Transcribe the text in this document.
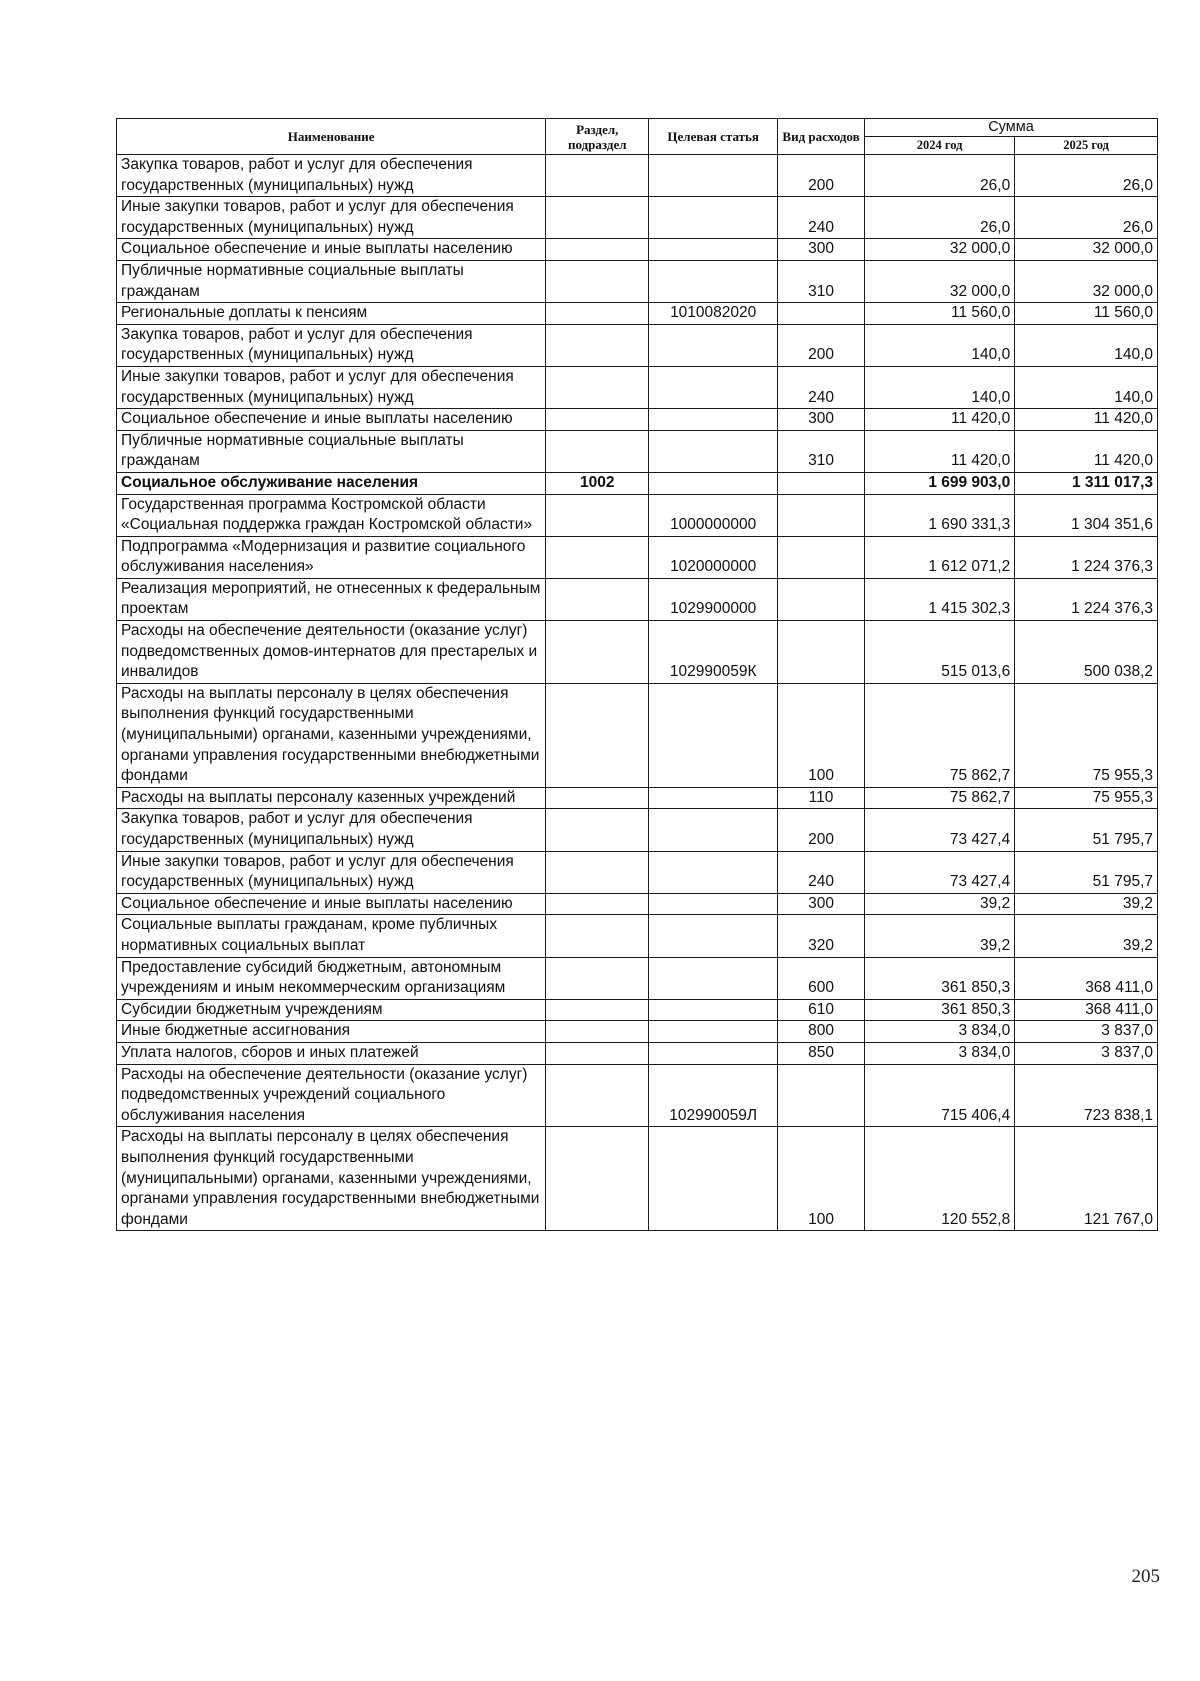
Наименование	Раздел, подраздел	Целевая статья	Вид расходов	Сумма	
				2024 год	2025 год
Закупка товаров, работ и услуг для обеспечения государственных (муниципальных) нужд			200	26,0	26,0
Иные закупки товаров, работ и услуг для обеспечения государственных (муниципальных) нужд			240	26,0	26,0
Социальное обеспечение и иные выплаты населению			300	32 000,0	32 000,0
Публичные нормативные социальные выплаты гражданам			310	32 000,0	32 000,0
Региональные доплаты к пенсиям		1010082020		11 560,0	11 560,0
Закупка товаров, работ и услуг для обеспечения государственных (муниципальных) нужд			200	140,0	140,0
Иные закупки товаров, работ и услуг для обеспечения государственных (муниципальных) нужд			240	140,0	140,0
Социальное обеспечение и иные выплаты населению			300	11 420,0	11 420,0
Публичные нормативные социальные выплаты гражданам			310	11 420,0	11 420,0
Социальное обслуживание населения	1002			1 699 903,0	1 311 017,3
Государственная программа Костромской области «Социальная поддержка граждан Костромской области»		1000000000		1 690 331,3	1 304 351,6
Подпрограмма «Модернизация и развитие социального обслуживания населения»		1020000000		1 612 071,2	1 224 376,3
Реализация мероприятий, не отнесенных к федеральным проектам		1029900000		1 415 302,3	1 224 376,3
Расходы на обеспечение деятельности (оказание услуг) подведомственных домов-интернатов для престарелых и инвалидов		102990059К		515 013,6	500 038,2
Расходы на выплаты персоналу в целях обеспечения выполнения функций государственными (муниципальными) органами, казенными учреждениями, органами управления государственными внебюджетными фондами			100	75 862,7	75 955,3
Расходы на выплаты персоналу казенных учреждений			110	75 862,7	75 955,3
Закупка товаров, работ и услуг для обеспечения государственных (муниципальных) нужд			200	73 427,4	51 795,7
Иные закупки товаров, работ и услуг для обеспечения государственных (муниципальных) нужд			240	73 427,4	51 795,7
Социальное обеспечение и иные выплаты населению			300	39,2	39,2
Социальные выплаты гражданам, кроме публичных нормативных социальных выплат			320	39,2	39,2
Предоставление субсидий бюджетным, автономным учреждениям и иным некоммерческим организациям			600	361 850,3	368 411,0
Субсидии бюджетным учреждениям			610	361 850,3	368 411,0
Иные бюджетные ассигнования			800	3 834,0	3 837,0
Уплата налогов, сборов и иных платежей			850	3 834,0	3 837,0
Расходы на обеспечение деятельности (оказание услуг) подведомственных учреждений социального обслуживания населения		102990059Л		715 406,4	723 838,1
Расходы на выплаты персоналу в целях обеспечения выполнения функций государственными (муниципальными) органами, казенными учреждениями, органами управления государственными внебюджетными фондами			100	120 552,8	121 767,0
205
